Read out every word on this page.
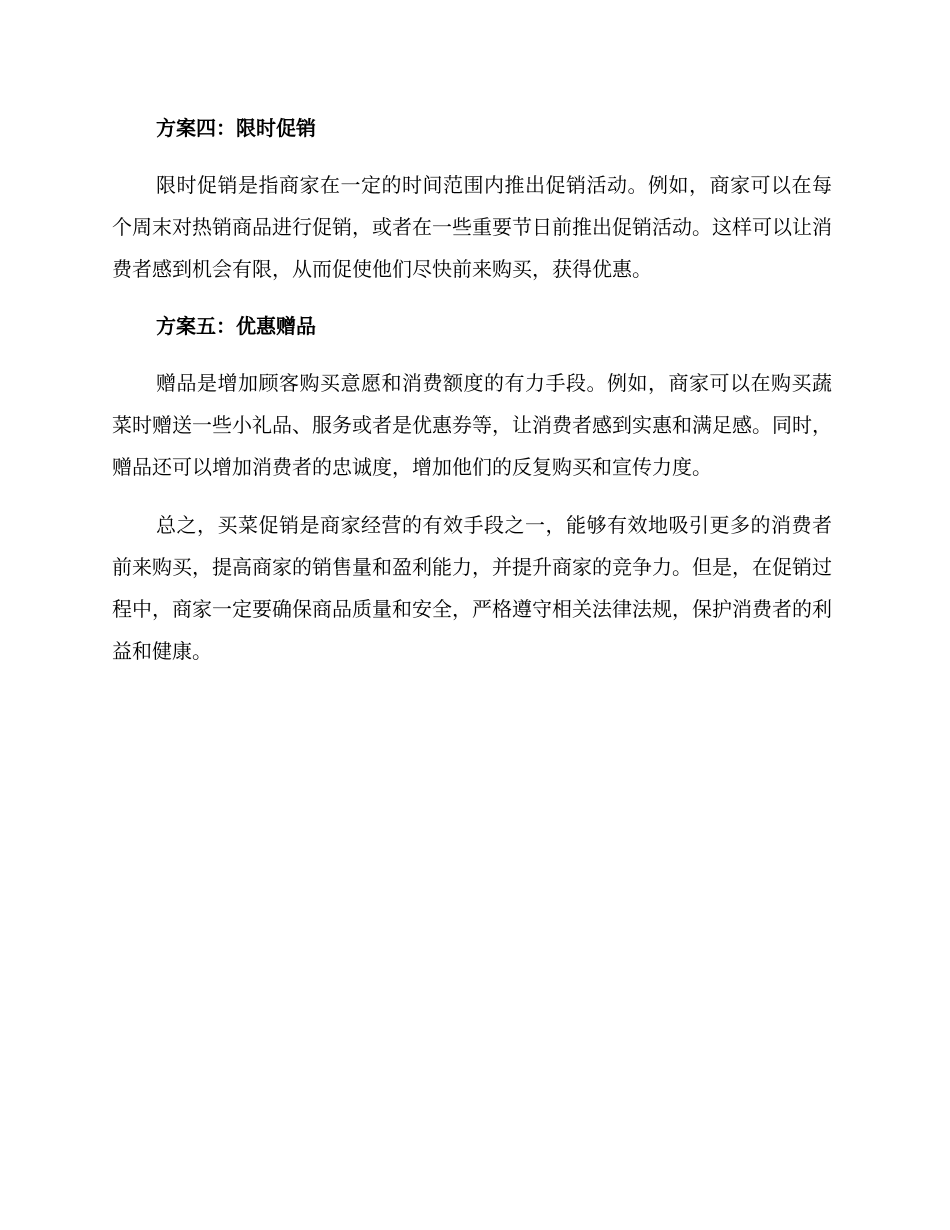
方案四：限时促销

限时促销是指商家在一定的时间范围内推出促销活动。例如，商家可以在每个周末对热销商品进行促销，或者在一些重要节日前推出促销活动。这样可以让消费者感到机会有限，从而促使他们尽快前来购买，获得优惠。

方案五：优惠赠品

赠品是增加顾客购买意愿和消费额度的有力手段。例如，商家可以在购买蔬菜时赠送一些小礼品、服务或者是优惠券等，让消费者感到实惠和满足感。同时，赠品还可以增加消费者的忠诚度，增加他们的反复购买和宣传力度。

总之，买菜促销是商家经营的有效手段之一，能够有效地吸引更多的消费者前来购买，提高商家的销售量和盈利能力，并提升商家的竞争力。但是，在促销过程中，商家一定要确保商品质量和安全，严格遵守相关法律法规，保护消费者的利益和健康。
